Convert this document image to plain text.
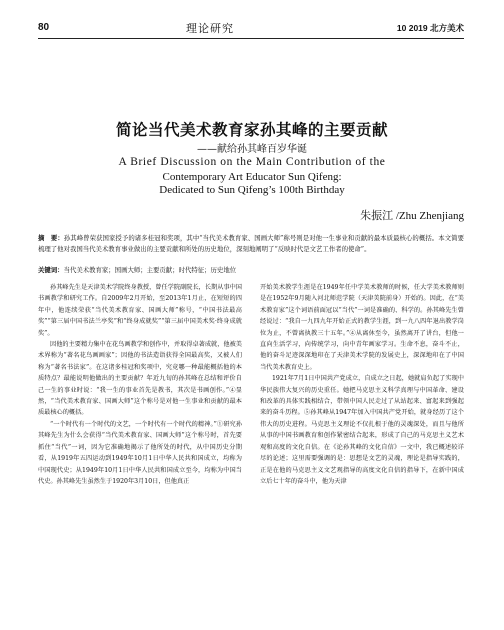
80	理论研究	10 2019 北方美术
简论当代美术教育家孙其峰的主要贡献
——献给孙其峰百岁华诞
A Brief Discussion on the Main Contribution of the
Contemporary Art Educator Sun Qifeng:
Dedicated to Sun Qifeng’s 100th Birthday
朱振江 /Zhu Zhenjiang
摘　要：孙其峰曾荣获国家授予的诸多桂冠和奖项，其中“当代美术教育家、国画大师”称号则是对他一生事业和贡献的最本质最核心的概括。本文简要梳理了他对我国当代美术教育事业做出的主要贡献和所处的历史地位，深刻地阐明了“反映时代是文艺工作者的使命”。
关键词：当代美术教育家；国画大师；主要贡献；时代特征；历史地位

孙其峰先生是天津美术学院终身教授，曾任学院副院长，长期从事中国书画教学和研究工作。自2009年2月开始，至2013年1月止，在短短的四年中，他连续荣获“当代美术教育家、国画大师”称号，“中国书法最高奖”“第三届中国书法兰亭奖”和“终身成就奖”“第三届中国美术奖·终身成就奖”。

因他的主要精力集中在花鸟画教学和创作中，并取得卓著成就，他被美术界称为“著名花鸟画画家”；因他的书法造诣获得全国最高奖，又被人们称为“著名书法家”。在这诸多桂冠和奖项中，究竟哪一种最能概括他的本质特点？最能说明他做出的主要贡献？年近九旬的孙其峰在总结和评价自己一生的事业时说：“我一生的事业首先是教书，其次是书画创作。”④显然，“当代美术教育家、国画大师”这个称号是对他一生事业和贡献的最本质最核心的概括。

“一个时代有一个时代的文艺，一个时代有一个时代的精神。”①研究孙其峰先生为什么会获得“当代美术教育家、国画大师”这个称号时，首先要抓住“当代”一词，因为它准确地揭示了他所处的时代，从中国历史分期看，从1919年五四运动到1949年10月1日中华人民共和国成立，均称为中国现代史；从1949年10月1日中华人民共和国成立至今，均称为中国当代史。孙其峰先生虽然生于1920年3月10日，但他真正

开始美术教学生涯是在1949年任中学美术教师的时候，任大学美术教师则是在1952年9月随入河北师范学院（天津美院前身）开始的。因此，在“美术教育家”这个词语前面冠以“当代”一词是准确的、科学的。孙其峰先生曾经说过：“我自一九四九年开始正式的教学生涯，到一九八四年退出教学岗位为止，不曾离执教三十五年。”④从离休至今，虽然离开了讲台，但他一直向生活学习，向传统学习，向中青年画家学习。生命不息，奋斗不止，他的奋斗足迹深深地印在了天津美术学院的发展史上，深深地印在了中国当代美术教育史上。

1921年7月1日中国共产党成立，自成立之日起，她就肩负起了实现中华民族伟大复兴的历史重任。她把马克思主义科学真理与中国革命、建设和改革的具体实践相结合，带领中国人民走过了从站起来、富起来到强起来的奋斗历程。⑤孙其峰从1947年加入中国共产党开始，就身经历了这个伟大的历史进程。马克思主义理论不仅扎根于他的灵魂深处，而且与他所从事的中国书画教育和创作紧密结合起来，形成了自己的马克思主义艺术观和高度的文化自信。在《论孙其峰的文化自信》一文中，我已概述较详尽的论述；这里需要强调的是：思想是文艺的灵魂，理论是指导实践的，正是在他的马克思主义文艺观指导的高度文化自信的指导下，在新中国成立后七十年的奋斗中，他为天津
